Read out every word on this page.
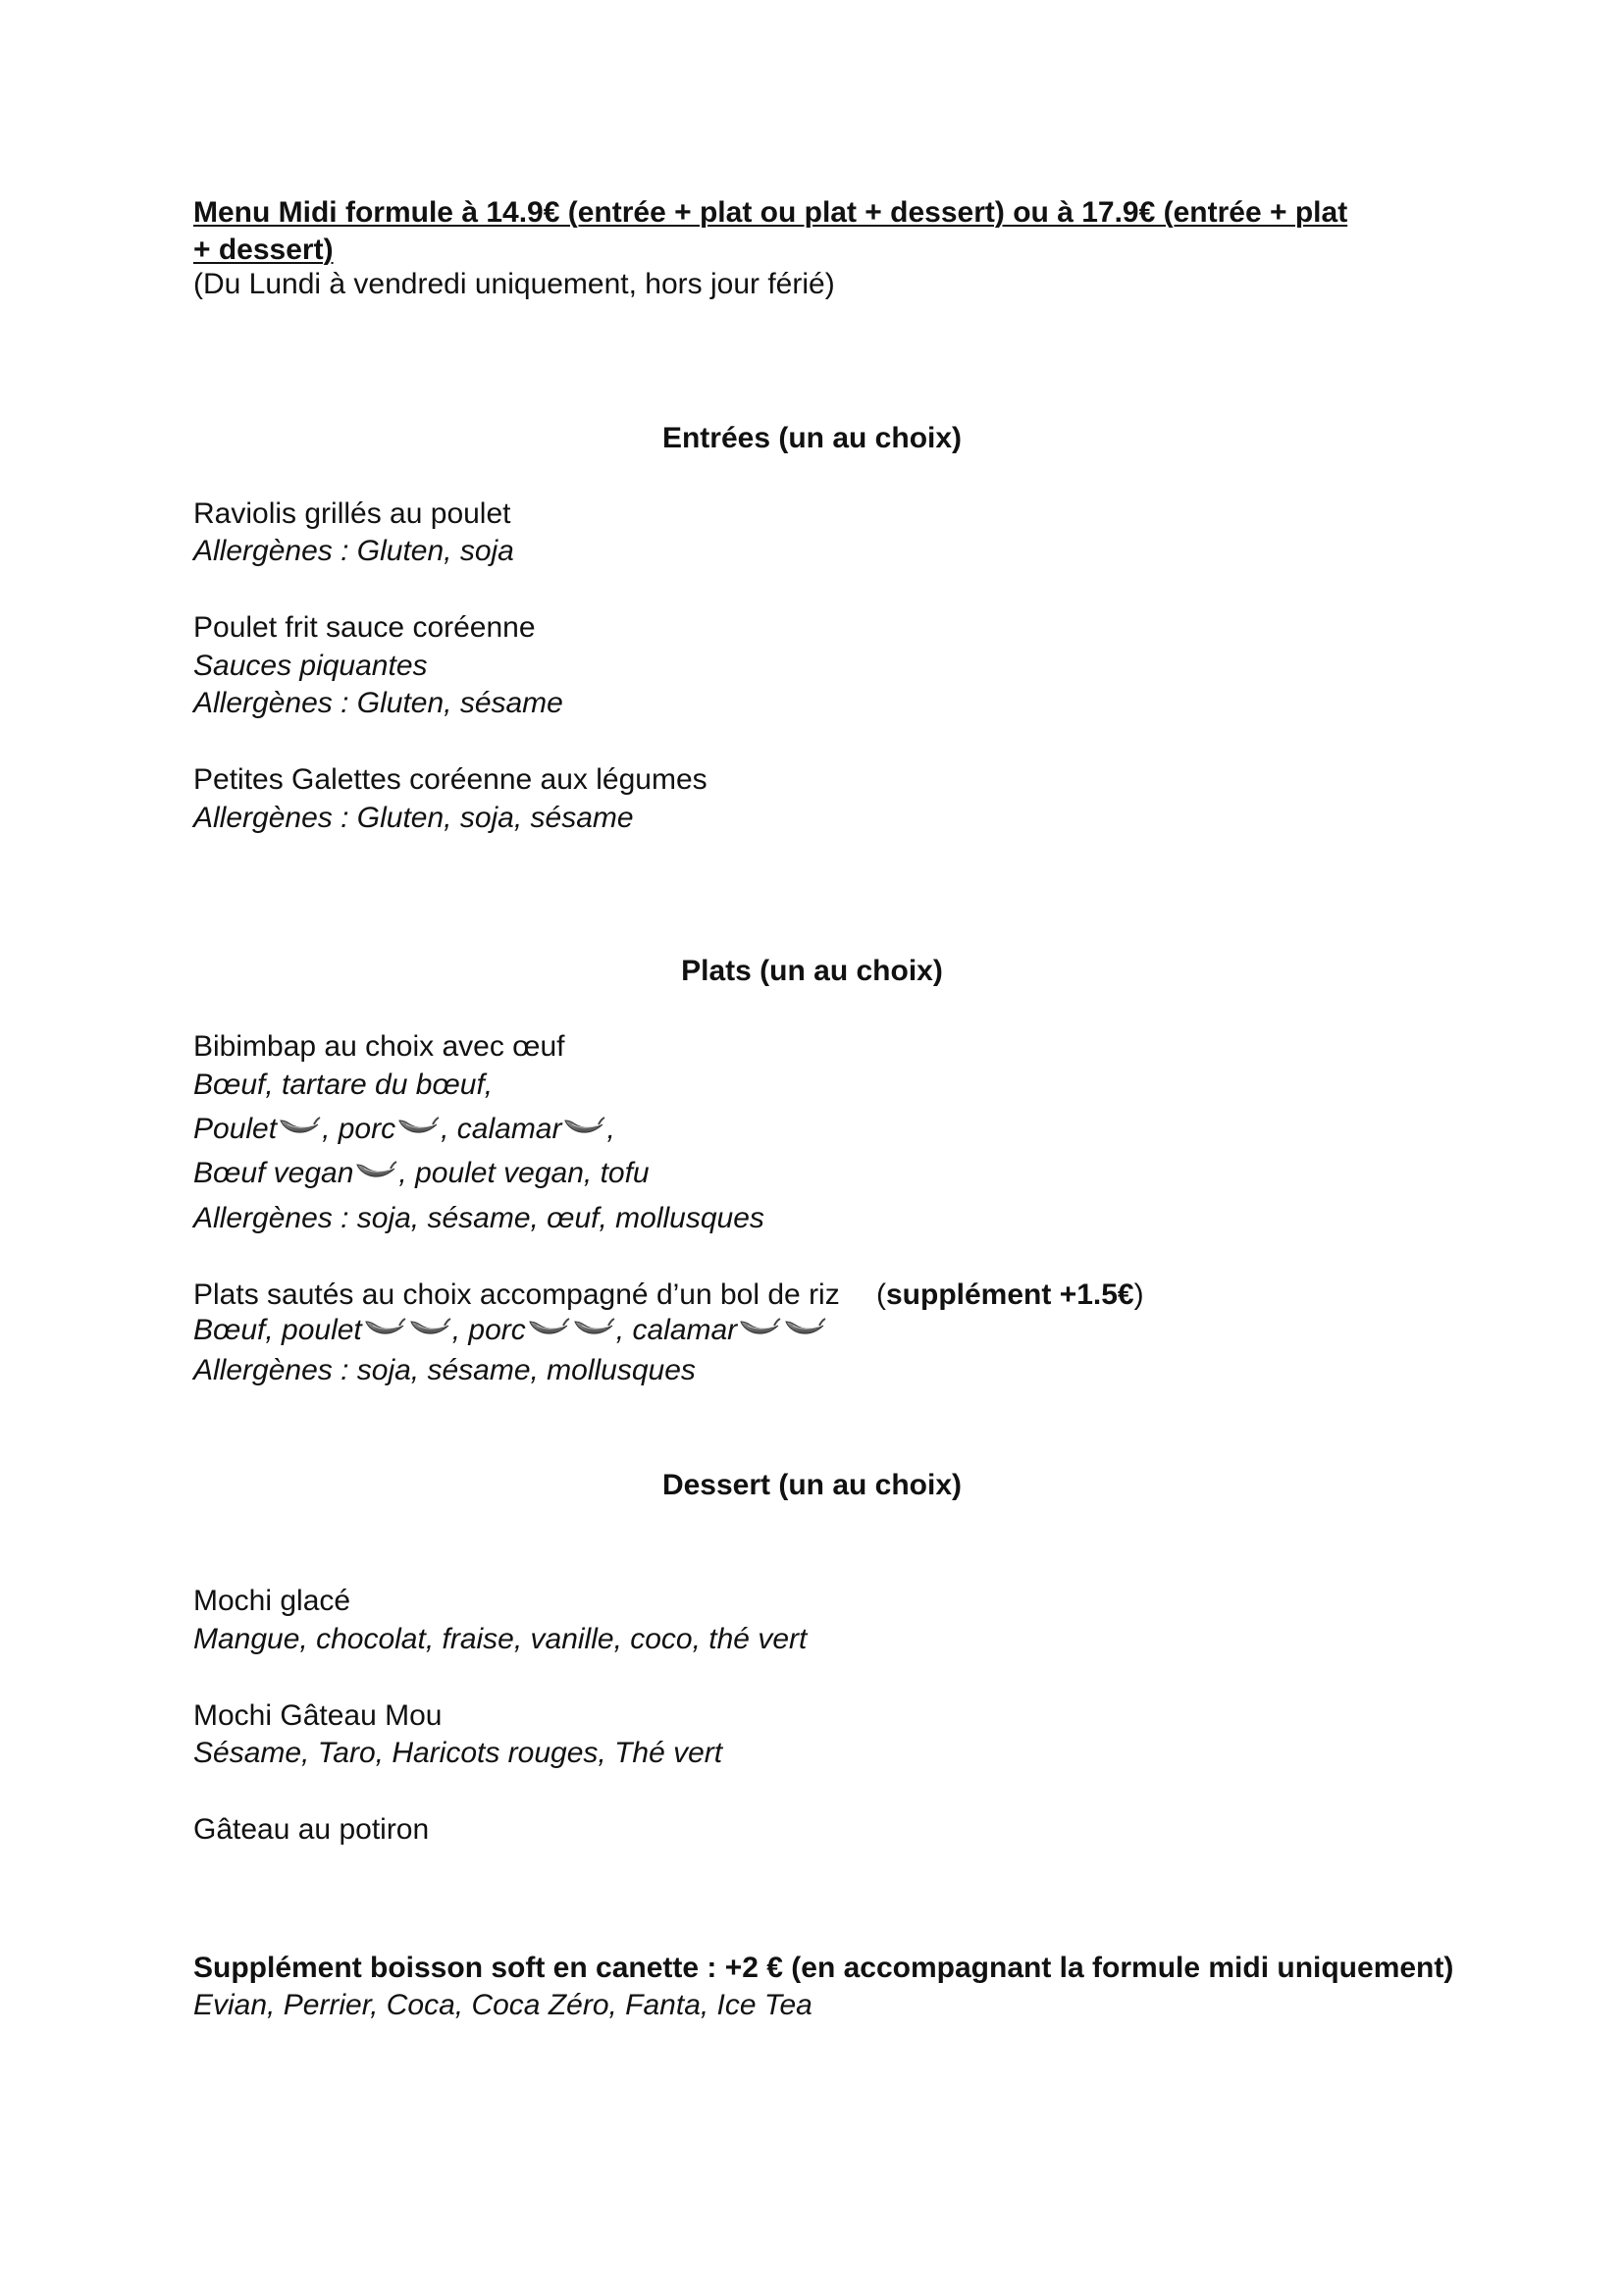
Menu Midi formule à 14.9€ (entrée + plat ou plat + dessert) ou à 17.9€ (entrée + plat + dessert)
(Du Lundi à vendredi uniquement, hors jour férié)
Entrées (un au choix)
Raviolis grillés au poulet
Allergènes : Gluten, soja
Poulet frit sauce coréenne
Sauces piquantes
Allergènes : Gluten, sésame
Petites Galettes coréenne aux légumes
Allergènes : Gluten, soja, sésame
Plats (un au choix)
Bibimbap au choix avec œuf
Bœuf, tartare du bœuf,
Poulet , porc , calamar ,
Bœuf vegan , poulet vegan, tofu
Allergènes : soja, sésame, œuf, mollusques
Plats sautés au choix accompagné d’un bol de riz (supplément +1.5€)
Bœuf, poulet	, porc	, calamar
Allergènes : soja, sésame, mollusques
Dessert (un au choix)
Mochi glacé
Mangue, chocolat, fraise, vanille, coco, thé vert
Mochi Gâteau Mou
Sésame, Taro, Haricots rouges, Thé vert
Gâteau au potiron
Supplément boisson soft en canette : +2 € (en accompagnant la formule midi uniquement)
Evian, Perrier, Coca, Coca Zéro, Fanta, Ice Tea
